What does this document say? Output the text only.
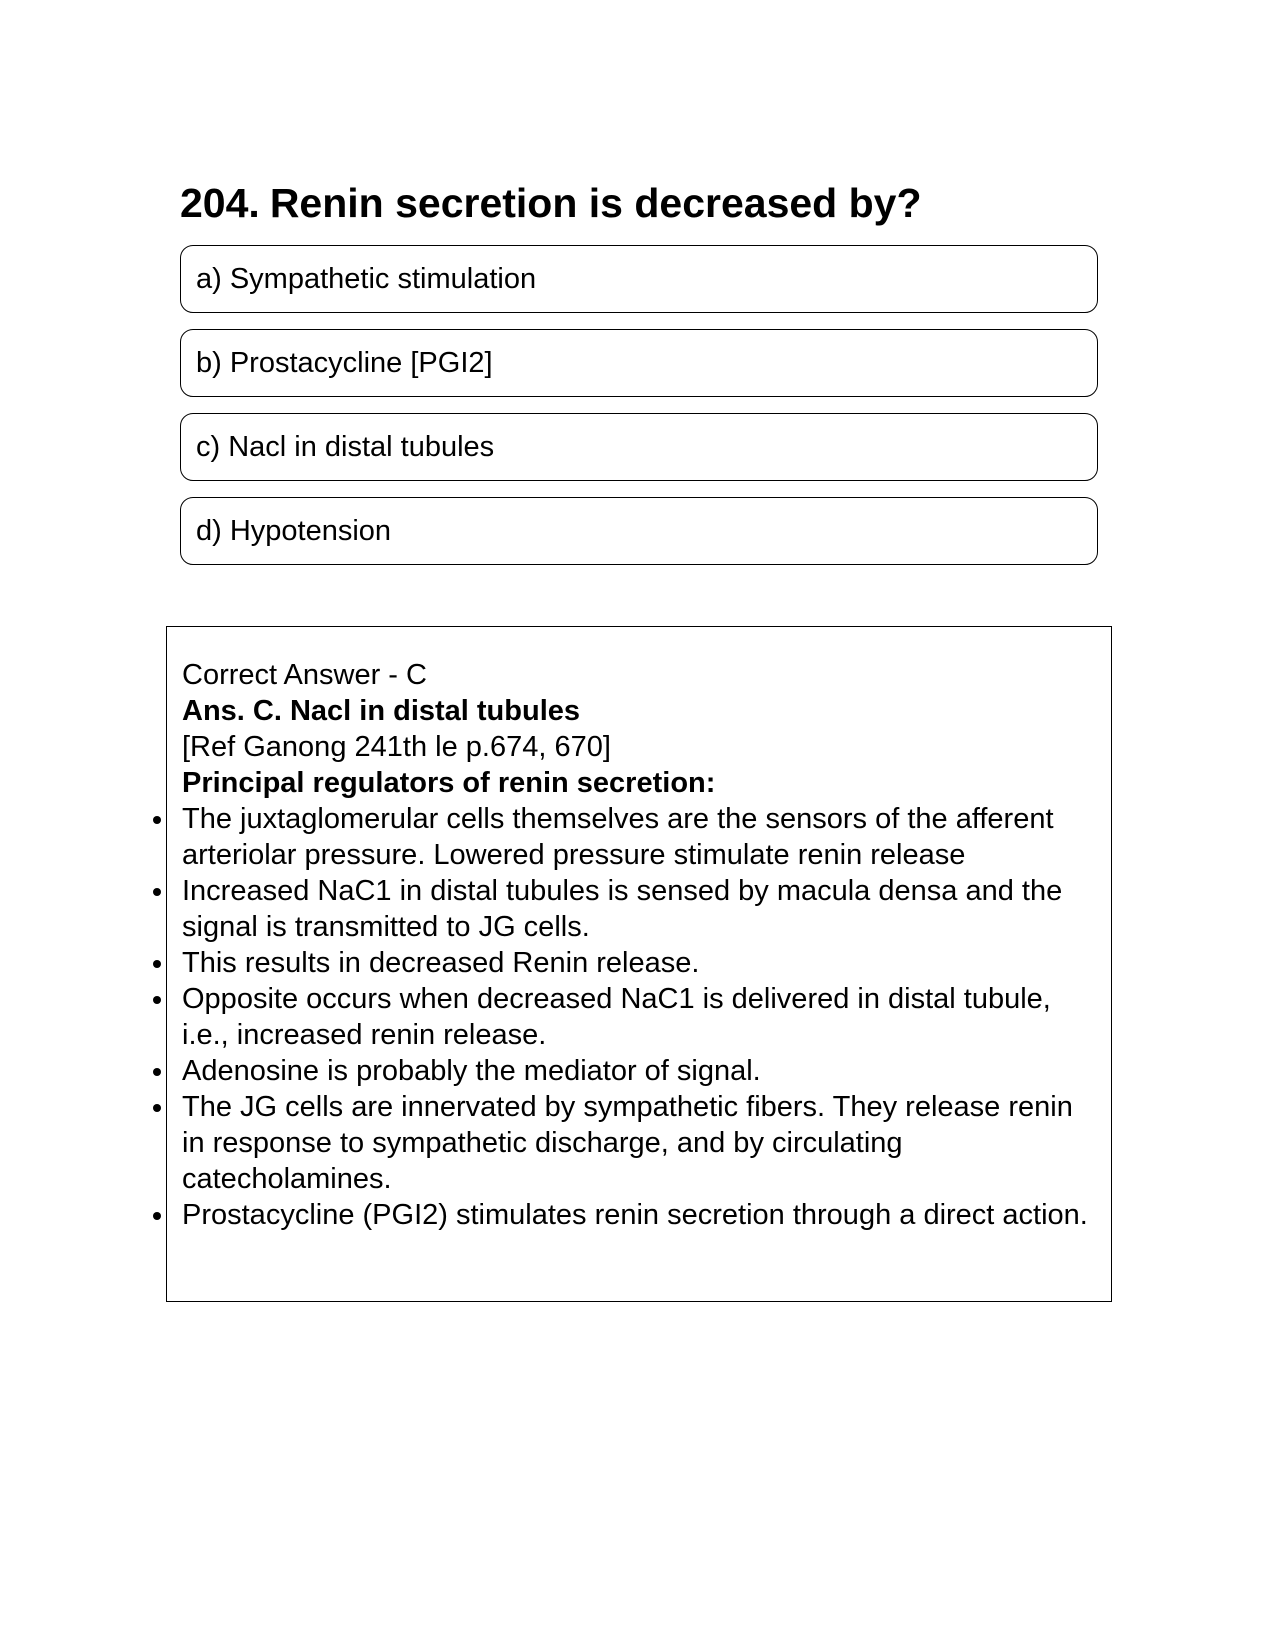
204. Renin secretion is decreased by?
a) Sympathetic stimulation
b) Prostacycline [PGI2]
c) Nacl in distal tubules
d) Hypotension
Correct Answer - C
Ans. C. Nacl in distal tubules
[Ref Ganong 241th le p.674, 670]
Principal regulators of renin secretion:
The juxtaglomerular cells themselves are the sensors of the afferent arteriolar pressure. Lowered pressure stimulate renin release
Increased NaC1 in distal tubules is sensed by macula densa and the signal is transmitted to JG cells.
This results in decreased Renin release.
Opposite occurs when decreased NaC1 is delivered in distal tubule, i.e., increased renin release.
Adenosine is probably the mediator of signal.
The JG cells are innervated by sympathetic fibers. They release renin in response to sympathetic discharge, and by circulating catecholamines.
Prostacycline (PGI2) stimulates renin secretion through a direct action.
